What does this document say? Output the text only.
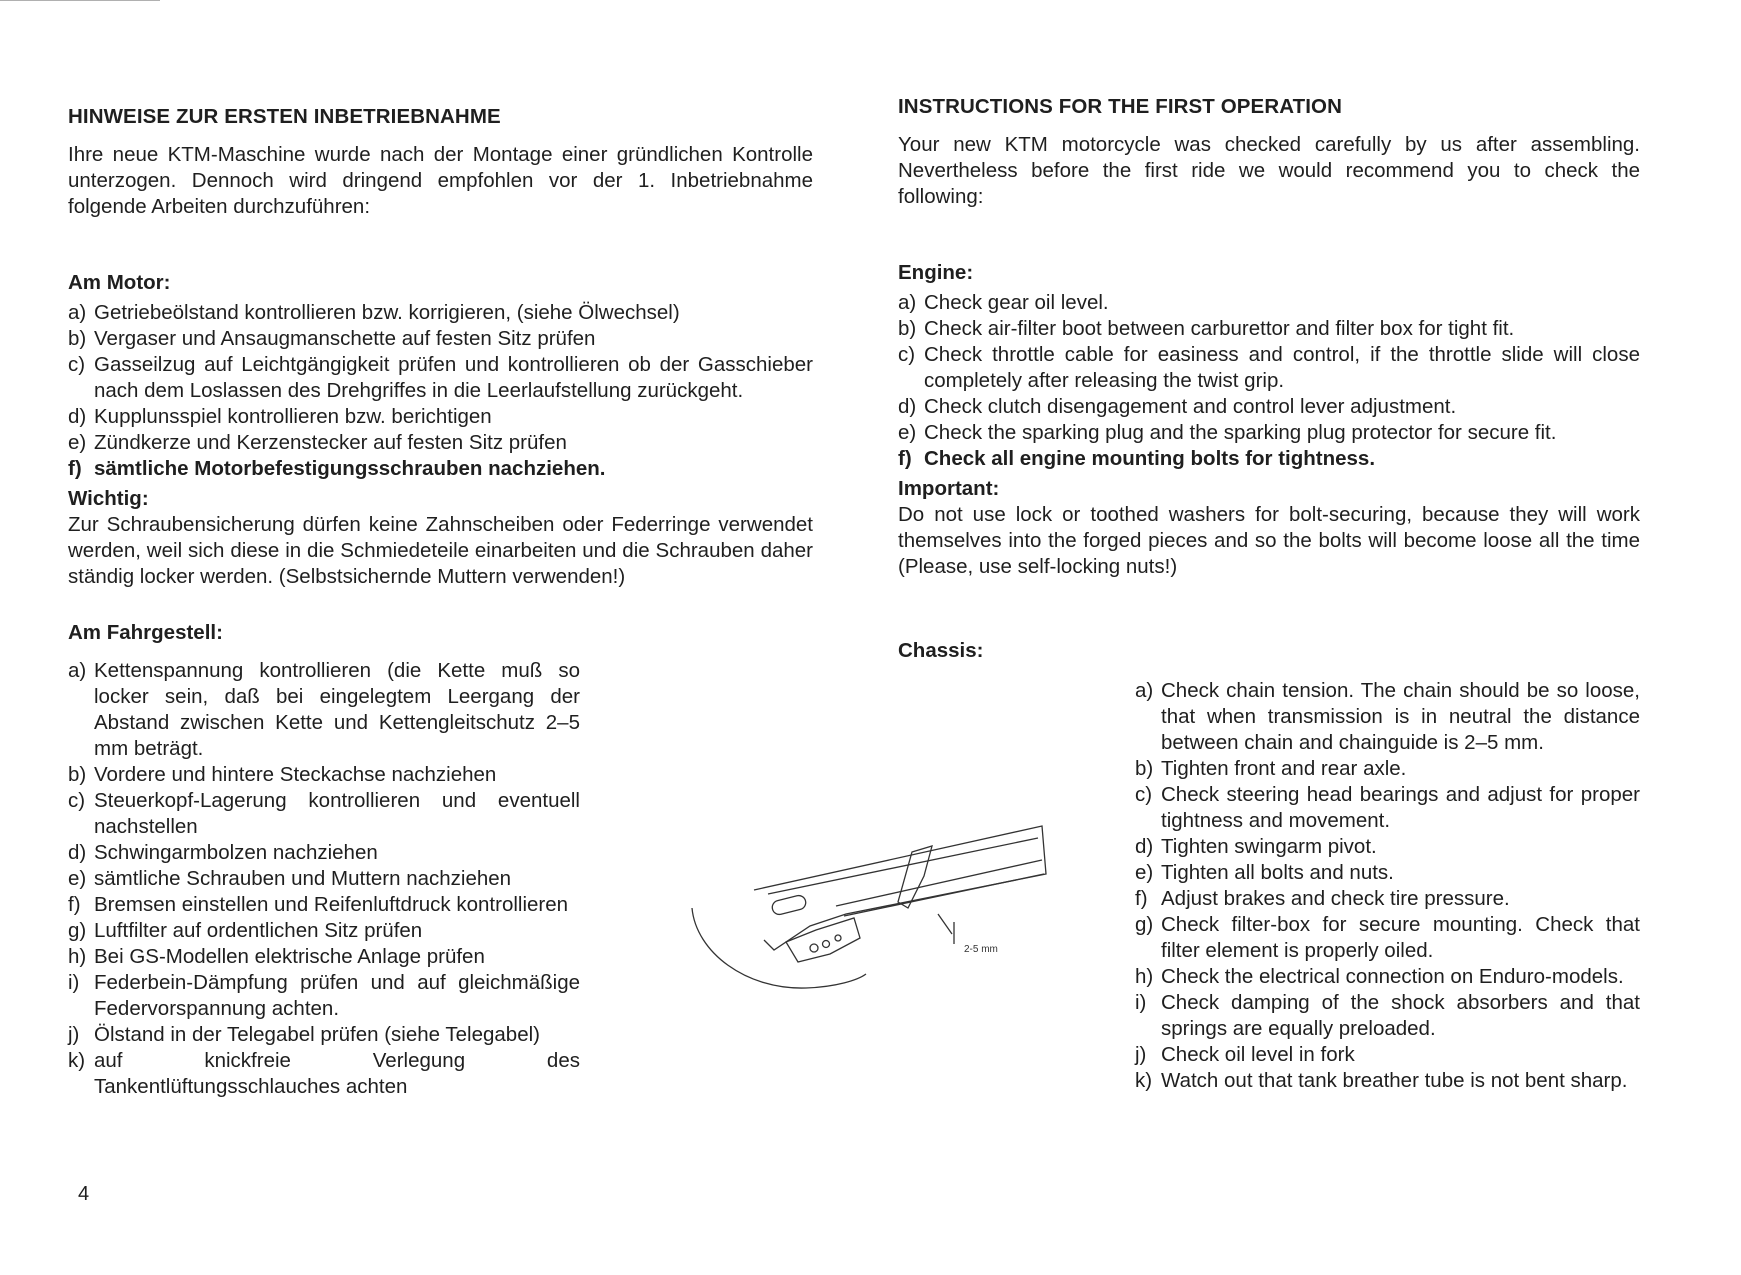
HINWEISE ZUR ERSTEN INBETRIEBNAHME

Ihre neue KTM-Maschine wurde nach der Montage einer gründlichen Kontrolle unterzogen. Dennoch wird dringend empfohlen vor der 1. Inbetriebnahme folgende Arbeiten durchzuführen:

Am Motor:
a) Getriebeölstand kontrollieren bzw. korrigieren, (siehe Ölwechsel)
b) Vergaser und Ansaugmanschette auf festen Sitz prüfen
c) Gasseilzug auf Leichtgängigkeit prüfen und kontrollieren ob der Gasschieber nach dem Loslassen des Drehgriffes in die Leerlaufstellung zurückgeht.
d) Kupplunsspiel kontrollieren bzw. berichtigen
e) Zündkerze und Kerzenstecker auf festen Sitz prüfen
f) sämtliche Motorbefestigungsschrauben nachziehen.
Wichtig:

Zur Schraubensicherung dürfen keine Zahnscheiben oder Federringe verwendet werden, weil sich diese in die Schmiedeteile einarbeiten und die Schrauben daher ständig locker werden. (Selbstsichernde Muttern verwenden!)

Am Fahrgestell:
a) Kettenspannung kontrollieren (die Kette muß so locker sein, daß bei eingelegtem Leergang der Abstand zwischen Kette und Kettengleitschutz 2–5 mm beträgt.
b) Vordere und hintere Steckachse nachziehen
c) Steuerkopf-Lagerung kontrollieren und eventuell nachstellen
d) Schwingarmbolzen nachziehen
e) sämtliche Schrauben und Muttern nachziehen
f) Bremsen einstellen und Reifenluftdruck kontrollieren
g) Luftfilter auf ordentlichen Sitz prüfen
h) Bei GS-Modellen elektrische Anlage prüfen
i) Federbein-Dämpfung prüfen und auf gleichmäßige Federvorspannung achten.
j) Ölstand in der Telegabel prüfen (siehe Telegabel)
k) auf knickfreie Verlegung des Tankentlüftungsschlauches achten
INSTRUCTIONS FOR THE FIRST OPERATION

Your new KTM motorcycle was checked carefully by us after assembling. Nevertheless before the first ride we would recommend you to check the following:

Engine:
a) Check gear oil level.
b) Check air-filter boot between carburettor and filter box for tight fit.
c) Check throttle cable for easiness and control, if the throttle slide will close completely after releasing the twist grip.
d) Check clutch disengagement and control lever adjustment.
e) Check the sparking plug and the sparking plug protector for secure fit.
f) Check all engine mounting bolts for tightness.
Important:

Do not use lock or toothed washers for bolt-securing, because they will work themselves into the forged pieces and so the bolts will become loose all the time (Please, use self-locking nuts!)

Chassis:
a) Check chain tension. The chain should be so loose, that when transmission is in neutral the distance between chain and chainguide is 2–5 mm.
b) Tighten front and rear axle.
c) Check steering head bearings and adjust for proper tightness and movement.
d) Tighten swingarm pivot.
e) Tighten all bolts and nuts.
f) Adjust brakes and check tire pressure.
g) Check filter-box for secure mounting. Check that filter element is properly oiled.
h) Check the electrical connection on Enduro-models.
i) Check damping of the shock absorbers and that springs are equally preloaded.
j) Check oil level in fork
k) Watch out that tank breather tube is not bent sharp.
2-5 mm
4
